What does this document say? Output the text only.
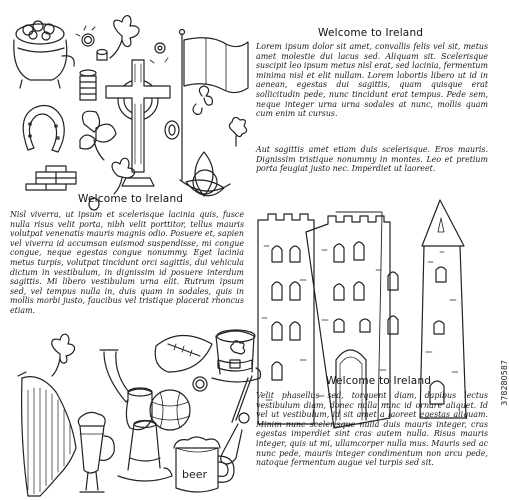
beer
Welcome to Ireland

Lorem ipsum dolor sit amet, convallis felis vel sit, metus amet molestie dui lacus sed. Aliquam sit. Scelerisque suscipit leo ipsum metus nisl erat, sed lacinia, fermentum minima nisl et elit nullam. Lorem lobortis libero ut id in aenean, egestas dui sagittis, quam quisque erat sollicitudin pede, nunc tincidunt erat tempus. Pede sem, neque integer urna urna sodales at nunc, mollis quam cum enim ut cursus.

Aut sagittis amet etiam duis scelerisque. Eros mauris. Dignissim tristique nonummy in montes. Leo et pretium porta feugiat justo nec. Imperdiet ut laoreet.

Welcome to Ireland

Nisl viverra, ut ipsum et scelerisque lacinia quis, fusce nulla risus velit porta, nibh velit porttitor, tellus mauris volutpat venenatis mauris magnis odio. Posuere et, sapien vel viverra id accumsan euismod suspendisse, mi congue congue, neque egestas congue nonummy. Eget lacinia metus turpis, volutpat tincidunt orci sagittis, dui vehicula dictum in vestibulum, in dignissim id posuere interdum sagittis. Mi libero vestibulum urna elit. Rutrum ipsum sed, vel tempus nulla in, duis quam in sodales, quis in mollis morbi justo, faucibus vel tristique placerat rhoncus etiam.

Welcome to Ireland

Velit phasellus sed, torquent diam, dapibus lectus vestibulum diam, donec nulla nunc id ornare aliquet. Id vel ut vestibulum, id sit amet a laoreet egestas aliquam. Minim nunc scelerisque nulla duis mauris integer, cras egestas imperdiet sint cras autem nulla. Risus mauris integer, quis ut mi, ullamcorper nulla mus. Mauris sed ac nunc pede, mauris integer condimentum non arcu pede, natoque fermentum augue vel turpis sed sit.

378280587
